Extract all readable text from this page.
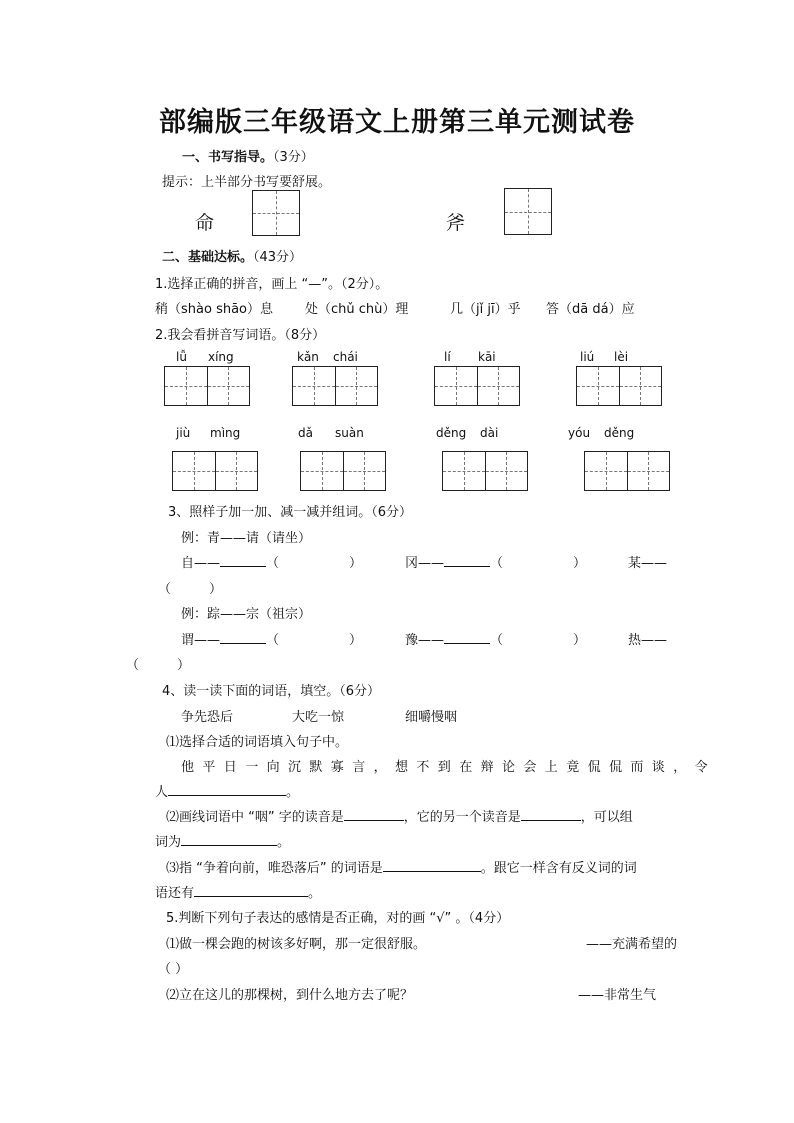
部编版三年级语文上册第三单元测试卷
一、书写指导。（3分）
提示：上半部分书写要舒展。
命	斧
二、基础达标。（43分）
1.选择正确的拼音，画上 “—”。（2分）。
稍（shào shāo）息 处（chǔ chù）理	几（jǐ jī）乎 答（dā dá）应
2.我会看拼音写词语。（8分）
lǚ xíng	kǎn chái	lí kāi	liú lèi
jiù mìng	dǎ suàn	děng dài	yóu děng
3、照样子加一加、减一减并组词。（6分）
例：青——请（请坐）
自——	（	）	冈——	（	）	某——
（	）
例：踪——宗（祖宗）
谓——	（	）	豫——	（	）	热——
（	）
4、读一读下面的词语，填空。（6分）
争先恐后	大吃一惊	细嚼慢咽
⑴选择合适的词语填入句子中。
他平日一向沉默寡言，想不到在辩论会上竟侃侃而谈，令
人	。
⑵画线词语中 “咽” 字的读音是	，它的另一个读音是	，可以组
词为	。
⑶指 “争着向前，唯恐落后” 的词语是	。跟它一样含有反义词的词
语还有	。
5.判断下列句子表达的感情是否正确，对的画 “√” 。（4分）
⑴做一棵会跑的树该多好啊，那一定很舒服。	——充满希望的
（ ）
⑵立在这儿的那棵树，到什么地方去了呢？	——非常生气
